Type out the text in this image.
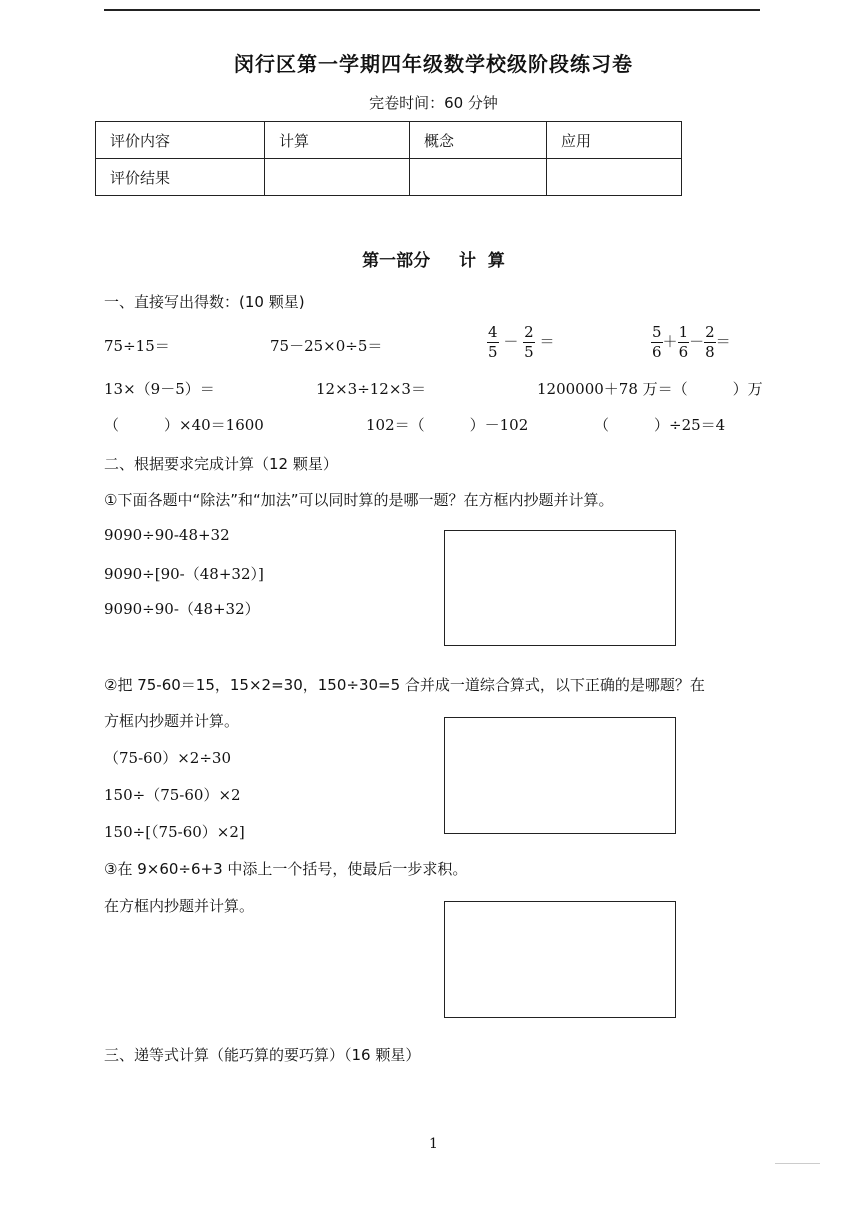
闵行区第一学期四年级数学校级阶段练习卷
完卷时间：60 分钟
评价内容	计算	概念	应用
评价结果			
第一部分　 计 算
一、直接写出得数：(10 颗星)
75÷15＝	75－25×0÷5＝	$\frac{4}{5} - \frac{2}{5}$ ＝	$\frac{5}{6} + \frac{1}{6} - \frac{2}{8}$ ＝
13×（9－5）＝	12×3÷12×3＝	1200000＋78 万＝（　　　）万
（　　　）×40＝1600	102＝（　　　）－102	（　　　）÷25＝4
二、根据要求完成计算（12 颗星）
①下面各题中“除法”和“加法”可以同时算的是哪一题？在方框内抄题并计算。
9090÷90-48+32
9090÷[90-（48+32）]
9090÷90-（48+32）
②把 75-60＝15，15×2=30，150÷30=5 合并成一道综合算式，以下正确的是哪题？在
方框内抄题并计算。
（75-60）×2÷30
150÷（75-60）×2
150÷[（75-60）×2]
③在 9×60÷6+3 中添上一个括号，使最后一步求积。
在方框内抄题并计算。
三、递等式计算（能巧算的要巧算）（16 颗星）
1
